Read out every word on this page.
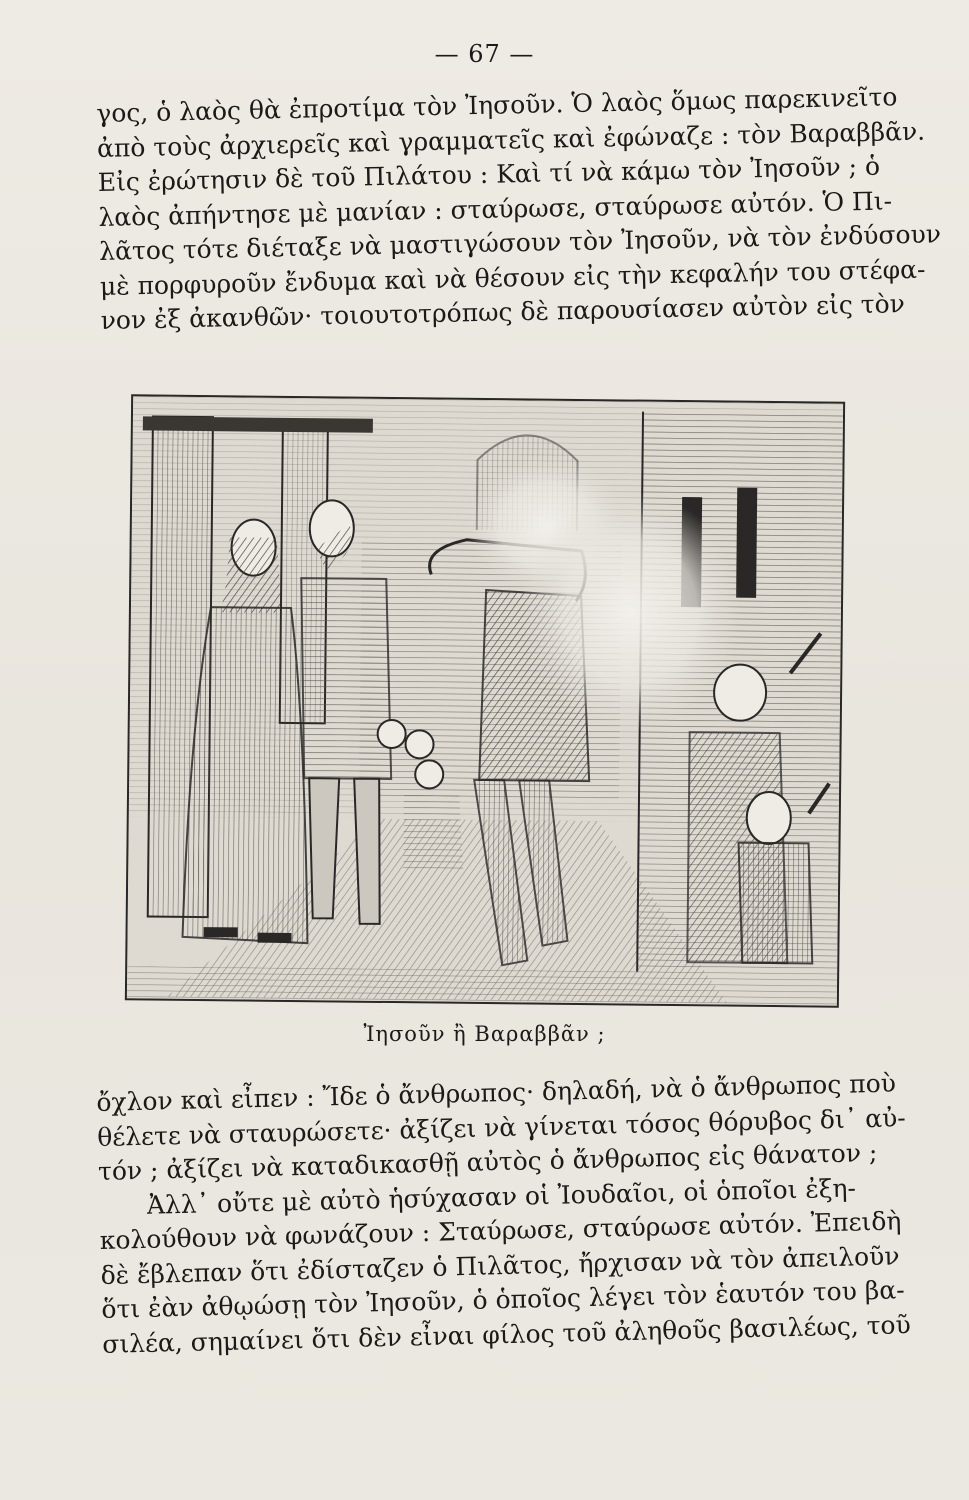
— 67 —

γος, ὁ λαὸς θὰ ἐπροτίμα τὸν Ἰησοῦν. Ὁ λαὸς ὅμως παρεκινεῖτο
ἀπὸ τοὺς ἀρχιερεῖς καὶ γραμματεῖς καὶ ἐφώναζε : τὸν Βαραββᾶν.
Εἰς ἐρώτησιν δὲ τοῦ Πιλάτου : Καὶ τί νὰ κάμω τὸν Ἰησοῦν ; ὁ
λαὸς ἀπήντησε μὲ μανίαν : σταύρωσε, σταύρωσε αὐτόν. Ὁ Πι-
λᾶτος τότε διέταξε νὰ μαστιγώσουν τὸν Ἰησοῦν, νὰ τὸν ἐνδύσουν
μὲ πορφυροῦν ἔνδυμα καὶ νὰ θέσουν εἰς τὴν κεφαλήν του στέφα-
νον ἐξ ἀκανθῶν· τοιουτοτρόπως δὲ παρουσίασεν αὐτὸν εἰς τὸν

Ἰησοῦν ἢ Βαραββᾶν ;

ὄχλον καὶ εἶπεν : Ἴδε ὁ ἄνθρωπος· δηλαδή, νὰ ὁ ἄνθρωπος ποὺ
θέλετε νὰ σταυρώσετε· ἀξίζει νὰ γίνεται τόσος θόρυβος δι᾽ αὐ-
τόν ; ἀξίζει νὰ καταδικασθῇ αὐτὸς ὁ ἄνθρωπος εἰς θάνατον ;
Ἀλλ᾽ οὔτε μὲ αὐτὸ ἡσύχασαν οἱ Ἰουδαῖοι, οἱ ὁποῖοι ἐξη-
κολούθουν νὰ φωνάζουν : Σταύρωσε, σταύρωσε αὐτόν. Ἐπειδὴ
δὲ ἔβλεπαν ὅτι ἐδίσταζεν ὁ Πιλᾶτος, ἤρχισαν νὰ τὸν ἀπειλοῦν
ὅτι ἐὰν ἀθῳώσῃ τὸν Ἰησοῦν, ὁ ὁποῖος λέγει τὸν ἑαυτόν του βα-
σιλέα, σημαίνει ὅτι δὲν εἶναι φίλος τοῦ ἀληθοῦς βασιλέως, τοῦ
